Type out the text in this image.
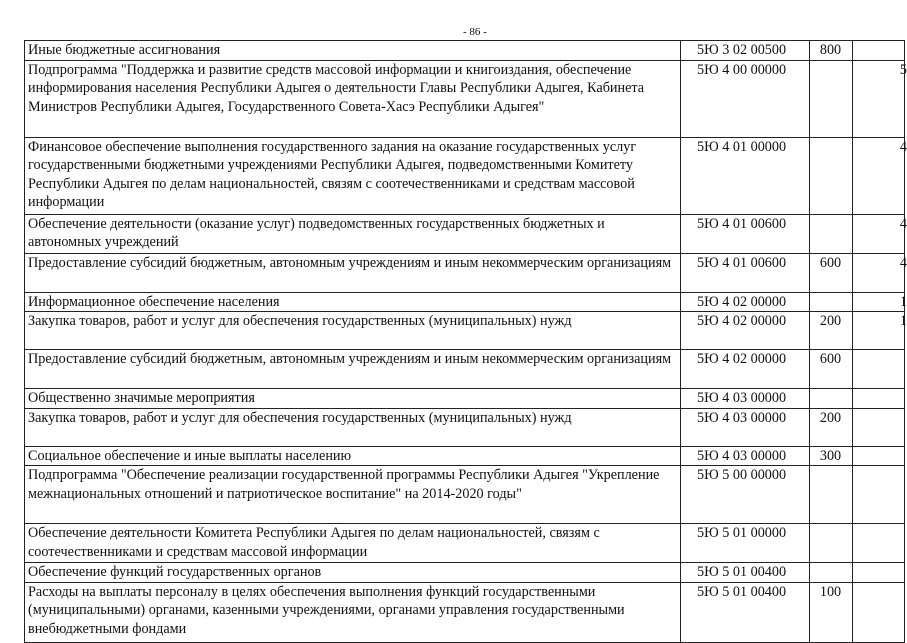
- 86 -
Иные бюджетные ассигнования	5Ю 3 02 00500	800	
Подпрограмма "Поддержка и развитие средств массовой информации и книгоиздания, обеспечение информирования населения Республики Адыгея о деятельности Главы Республики Адыгея, Кабинета Министров Республики Адыгея, Государственного Совета-Хасэ Республики Адыгея"	5Ю 4 00 00000		5
Финансовое обеспечение выполнения государственного задания на оказание государственных услуг государственными бюджетными учреждениями Республики Адыгея, подведомственными Комитету Республики Адыгея по делам национальностей, связям с соотечественниками и средствам массовой информации	5Ю 4 01 00000		4
Обеспечение деятельности (оказание услуг) подведомственных государственных бюджетных и автономных учреждений	5Ю 4 01 00600		4
Предоставление субсидий бюджетным, автономным учреждениям и иным некоммерческим организациям	5Ю 4 01 00600	600	4
Информационное обеспечение населения	5Ю 4 02 00000		1
Закупка товаров, работ и услуг для обеспечения государственных (муниципальных) нужд	5Ю 4 02 00000	200	1
Предоставление субсидий бюджетным, автономным учреждениям и иным некоммерческим организациям	5Ю 4 02 00000	600	
Общественно значимые мероприятия	5Ю 4 03 00000		
Закупка товаров, работ и услуг для обеспечения государственных (муниципальных) нужд	5Ю 4 03 00000	200	
Социальное обеспечение и иные выплаты населению	5Ю 4 03 00000	300	
Подпрограмма "Обеспечение реализации государственной программы Республики Адыгея "Укрепление межнациональных отношений и патриотическое воспитание" на 2014-2020 годы"	5Ю 5 00 00000		
Обеспечение деятельности Комитета Республики Адыгея по делам национальностей, связям с соотечественниками и средствам массовой информации	5Ю 5 01 00000		
Обеспечение функций государственных органов	5Ю 5 01 00400		
Расходы на выплаты персоналу в целях обеспечения выполнения функций государственными (муниципальными) органами, казенными учреждениями, органами управления государственными внебюджетными фондами	5Ю 5 01 00400	100	
